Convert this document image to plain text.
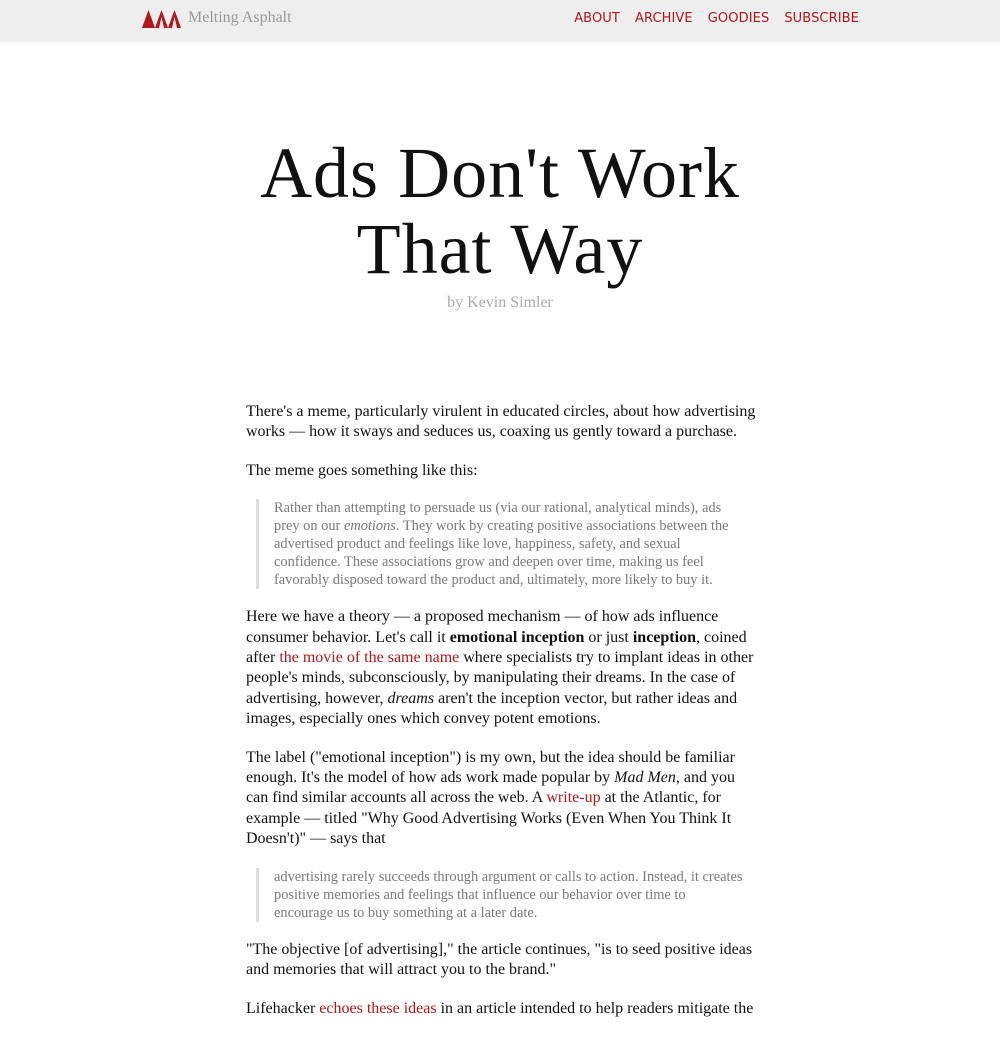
Melting Asphalt	ABOUT ARCHIVE GOODIES SUBSCRIBE
Ads Don't Work
That Way
by Kevin Simler

There's a meme, particularly virulent in educated circles, about how advertising works — how it sways and seduces us, coaxing us gently toward a purchase.

The meme goes something like this:

Rather than attempting to persuade us (via our rational, analytical minds), ads prey on our emotions. They work by creating positive associations between the advertised product and feelings like love, happiness, safety, and sexual confidence. These associations grow and deepen over time, making us feel favorably disposed toward the product and, ultimately, more likely to buy it.

Here we have a theory — a proposed mechanism — of how ads influence consumer behavior. Let's call it emotional inception or just inception, coined after the movie of the same name where specialists try to implant ideas in other people's minds, subconsciously, by manipulating their dreams. In the case of advertising, however, dreams aren't the inception vector, but rather ideas and images, especially ones which convey potent emotions.

The label ("emotional inception") is my own, but the idea should be familiar enough. It's the model of how ads work made popular by Mad Men, and you can find similar accounts all across the web. A write-up at the Atlantic, for example — titled "Why Good Advertising Works (Even When You Think It Doesn't)" — says that

advertising rarely succeeds through argument or calls to action. Instead, it creates positive memories and feelings that influence our behavior over time to encourage us to buy something at a later date.

"The objective [of advertising]," the article continues, "is to seed positive ideas and memories that will attract you to the brand."

Lifehacker echoes these ideas in an article intended to help readers mitigate the
